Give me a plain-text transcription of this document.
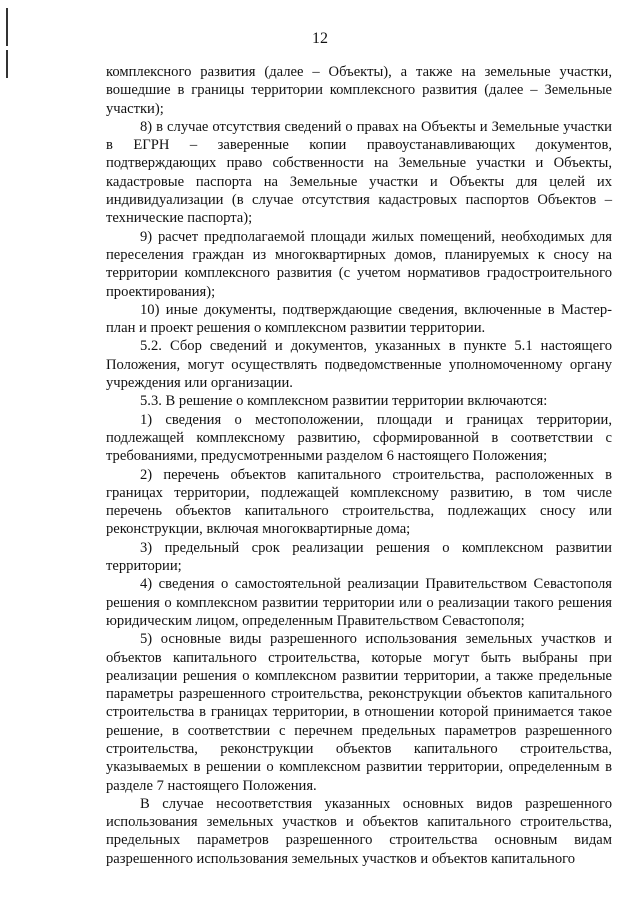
12

комплексного развития (далее – Объекты), а также на земельные участки, вошедшие в границы территории комплексного развития (далее – Земельные участки);

8) в случае отсутствия сведений о правах на Объекты и Земельные участки в ЕГРН – заверенные копии правоустанавливающих документов, подтверждающих право собственности на Земельные участки и Объекты, кадастровые паспорта на Земельные участки и Объекты для целей их индивидуализации (в случае отсутствия кадастровых паспортов Объектов – технические паспорта);

9) расчет предполагаемой площади жилых помещений, необходимых для переселения граждан из многоквартирных домов, планируемых к сносу на территории комплексного развития (с учетом нормативов градостроительного проектирования);

10) иные документы, подтверждающие сведения, включенные в Мастер-план и проект решения о комплексном развитии территории.

5.2. Сбор сведений и документов, указанных в пункте 5.1 настоящего Положения, могут осуществлять подведомственные уполномоченному органу учреждения или организации.

5.3. В решение о комплексном развитии территории включаются:

1) сведения о местоположении, площади и границах территории, подлежащей комплексному развитию, сформированной в соответствии с требованиями, предусмотренными разделом 6 настоящего Положения;

2) перечень объектов капитального строительства, расположенных в границах территории, подлежащей комплексному развитию, в том числе перечень объектов капитального строительства, подлежащих сносу или реконструкции, включая многоквартирные дома;

3) предельный срок реализации решения о комплексном развитии территории;

4) сведения о самостоятельной реализации Правительством Севастополя решения о комплексном развитии территории или о реализации такого решения юридическим лицом, определенным Правительством Севастополя;

5) основные виды разрешенного использования земельных участков и объектов капитального строительства, которые могут быть выбраны при реализации решения о комплексном развитии территории, а также предельные параметры разрешенного строительства, реконструкции объектов капитального строительства в границах территории, в отношении которой принимается такое решение, в соответствии с перечнем предельных параметров разрешенного строительства, реконструкции объектов капитального строительства, указываемых в решении о комплексном развитии территории, определенным в разделе 7 настоящего Положения.

В случае несоответствия указанных основных видов разрешенного использования земельных участков и объектов капитального строительства, предельных параметров разрешенного строительства основным видам разрешенного использования земельных участков и объектов капитального
